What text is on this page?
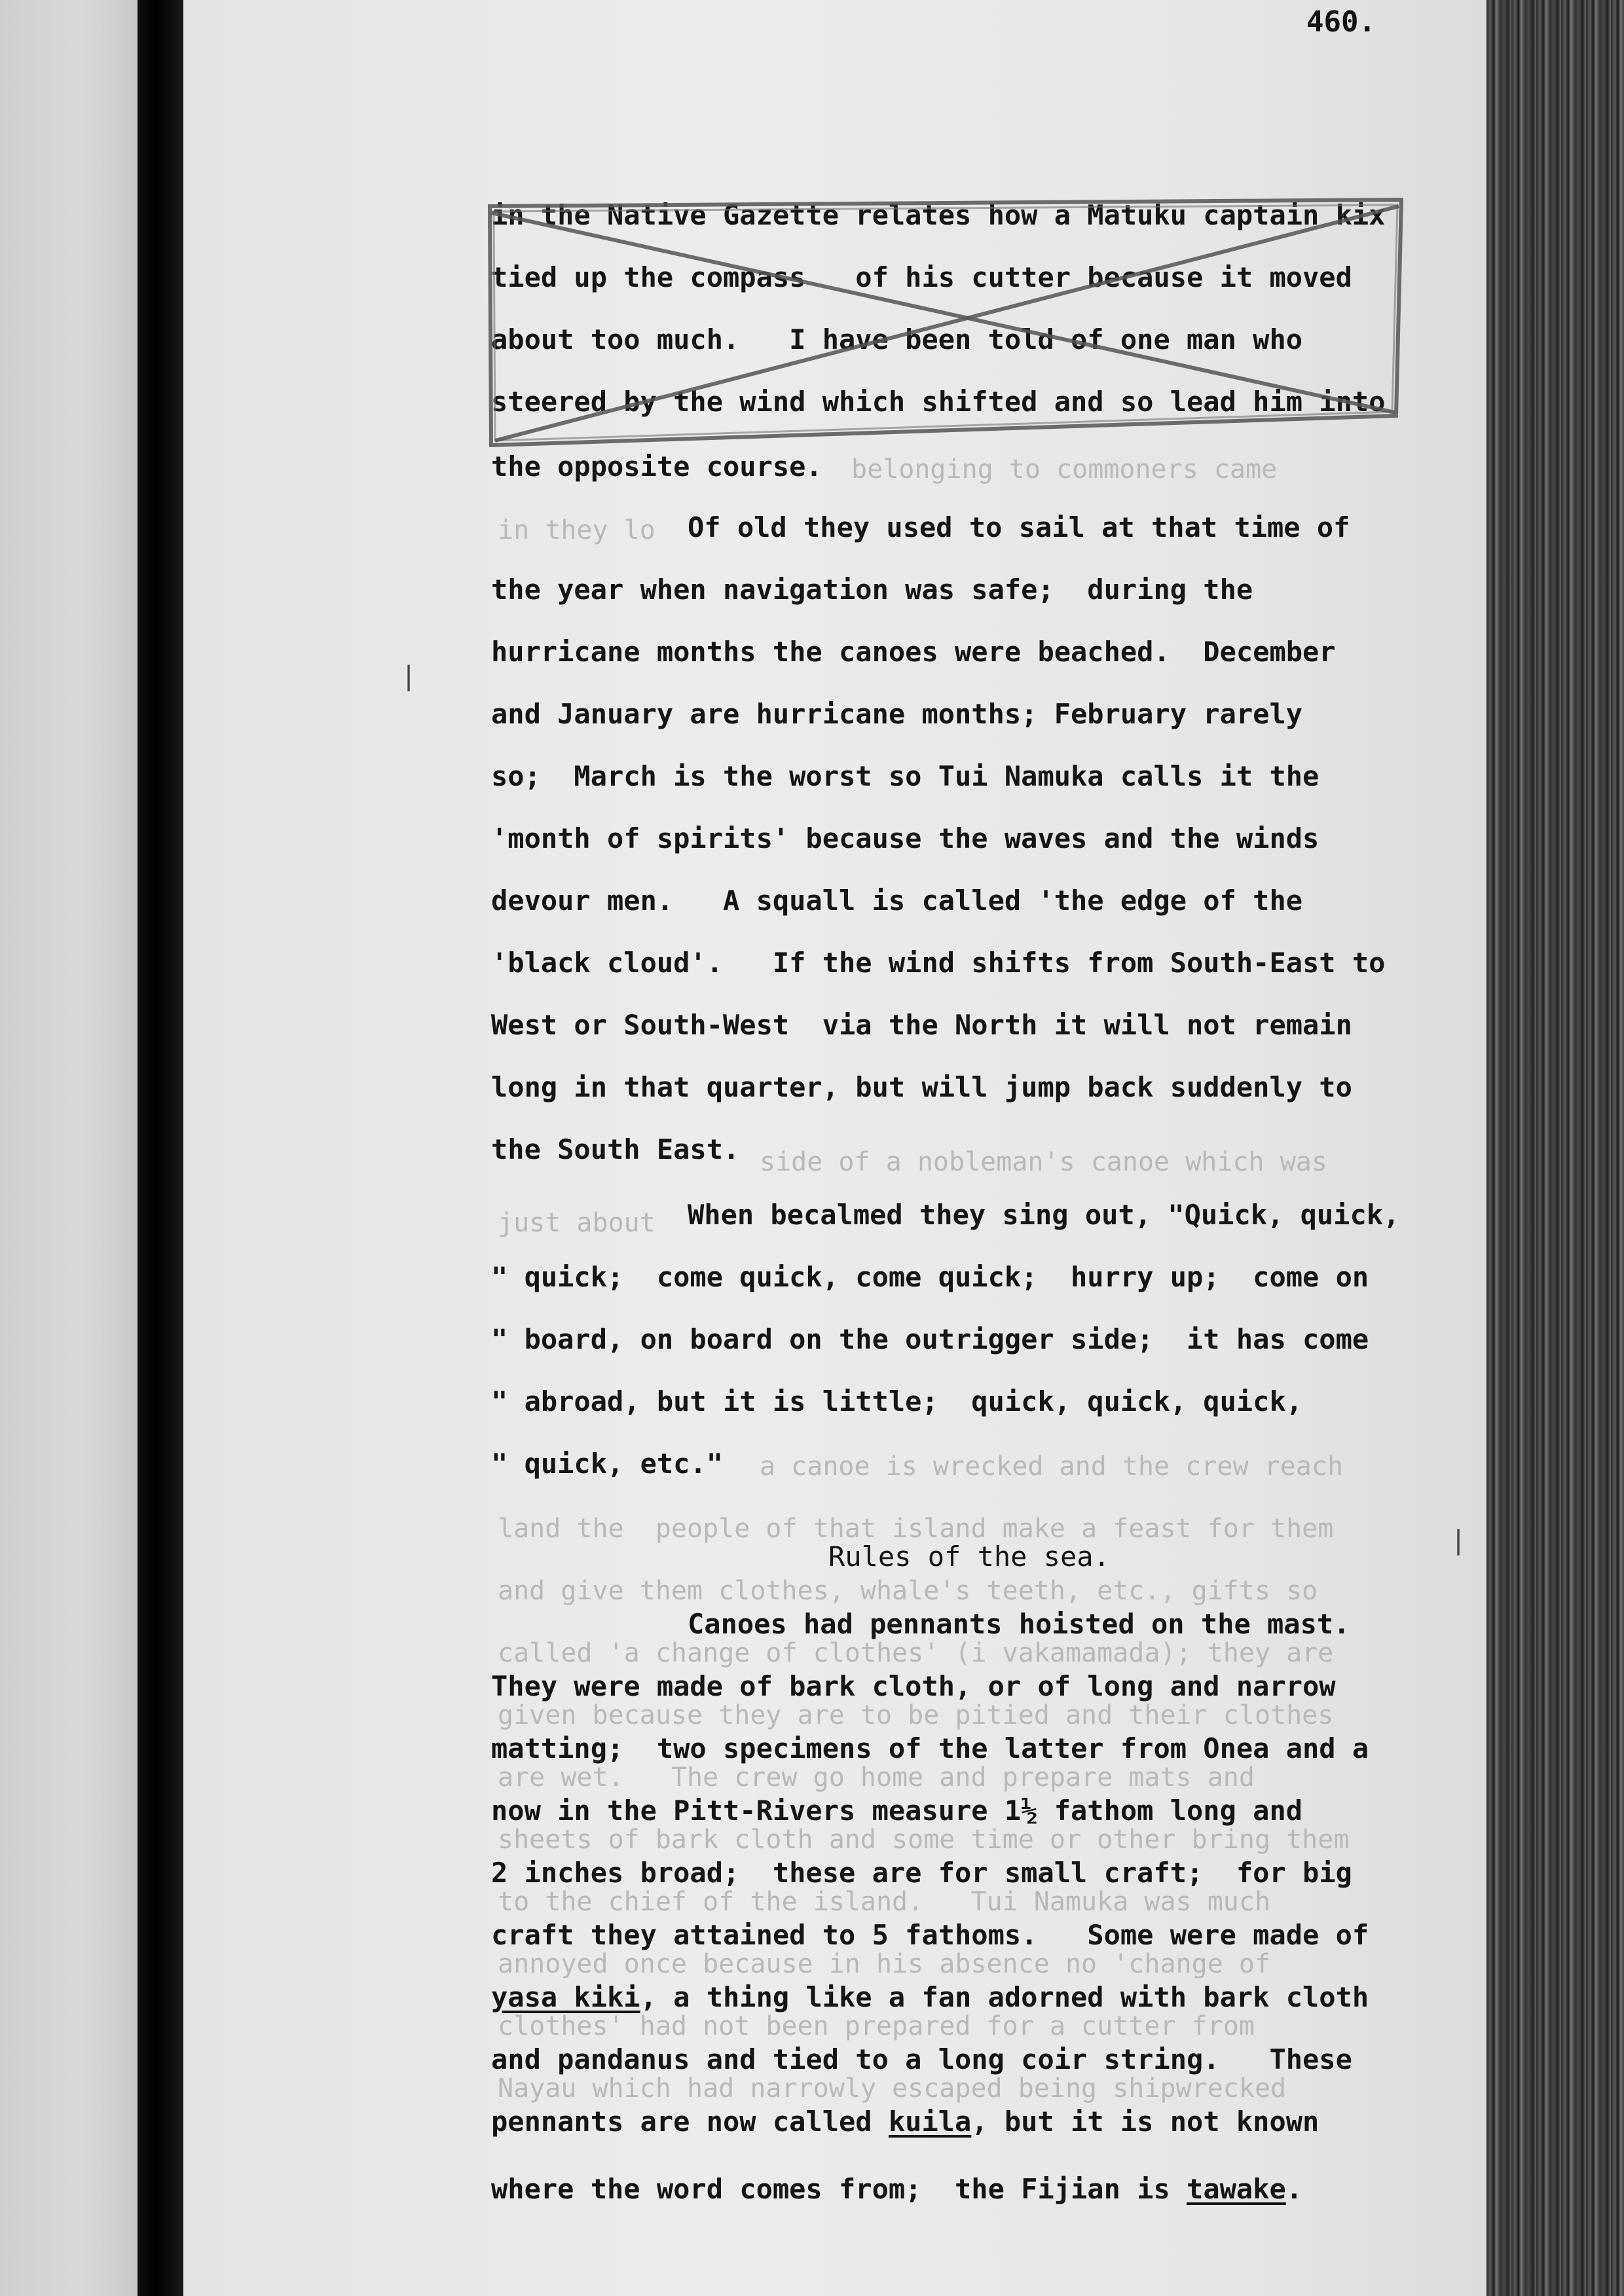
|
|
460.
belonging to commoners came
in they lo
side of a nobleman's canoe which was
just about
a canoe is wrecked and the crew reach
land the  people of that island make a feast for them
and give them clothes, whale's teeth, etc., gifts so
called 'a change of clothes' (i vakamamada); they are
given because they are to be pitied and their clothes
are wet.   The crew go home and prepare mats and
sheets of bark cloth and some time or other bring them
to the chief of the island.   Tui Namuka was much
annoyed once because in his absence no 'change of
clothes' had not been prepared for a cutter from
Nayau which had narrowly escaped being shipwrecked
in the Native Gazette relates how a Matuku captain kix
tied up the compass   of his cutter because it moved
about too much.   I have been told of one man who
steered by the wind which shifted and so lead him into
the opposite course.
Of old they used to sail at that time of
the year when navigation was safe;  during the
hurricane months the canoes were beached.  December
and January are hurricane months; February rarely
so;  March is the worst so Tui Namuka calls it the
'month of spirits' because the waves and the winds
devour men.   A squall is called 'the edge of the
'black cloud'.   If the wind shifts from South-East to
West or South-West  via the North it will not remain
long in that quarter, but will jump back suddenly to
the South East.
When becalmed they sing out, "Quick, quick,
" quick;  come quick, come quick;  hurry up;  come on
" board, on board on the outrigger side;  it has come
" abroad, but it is little;  quick, quick, quick,
" quick, etc."
Rules of the sea.
Canoes had pennants hoisted on the mast.
They were made of bark cloth, or of long and narrow
matting;  two specimens of the latter from Onea and a
now in the Pitt-Rivers measure 1½ fathom long and
2 inches broad;  these are for small craft;  for big
craft they attained to 5 fathoms.   Some were made of
yasa kiki, a thing like a fan adorned with bark cloth
and pandanus and tied to a long coir string.   These
pennants are now called kuila, but it is not known
where the word comes from;  the Fijian is tawake.
